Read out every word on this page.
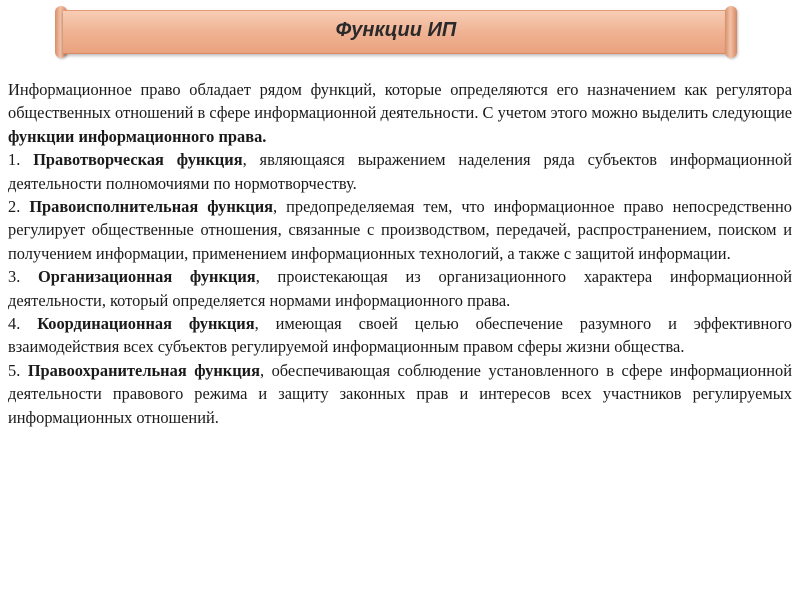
Функции ИП

Информационное право обладает рядом функций, которые определяются его назначением как регулятора общественных отношений в сфере информационной деятельности. С учетом этого можно выделить следующие функции информационного права.

1. Правотворческая функция, являющаяся выражением наделения ряда субъектов информационной деятельности полномочиями по нормотворчеству.

2. Правоисполнительная функция, предопределяемая тем, что информационное право непосредственно регулирует общественные отношения, связанные с производством, передачей, распространением, поиском и получением информации, применением информационных технологий, а также с защитой информации.

3. Организационная функция, проистекающая из организационного характера информационной деятельности, который определяется нормами информационного права.

4. Координационная функция, имеющая своей целью обеспечение разумного и эффективного взаимодействия всех субъектов регулируемой информационным правом сферы жизни общества.

5. Правоохранительная функция, обеспечивающая соблюдение установленного в сфере информационной деятельности правового режима и защиту законных прав и интересов всех участников регулируемых информационных отношений.
